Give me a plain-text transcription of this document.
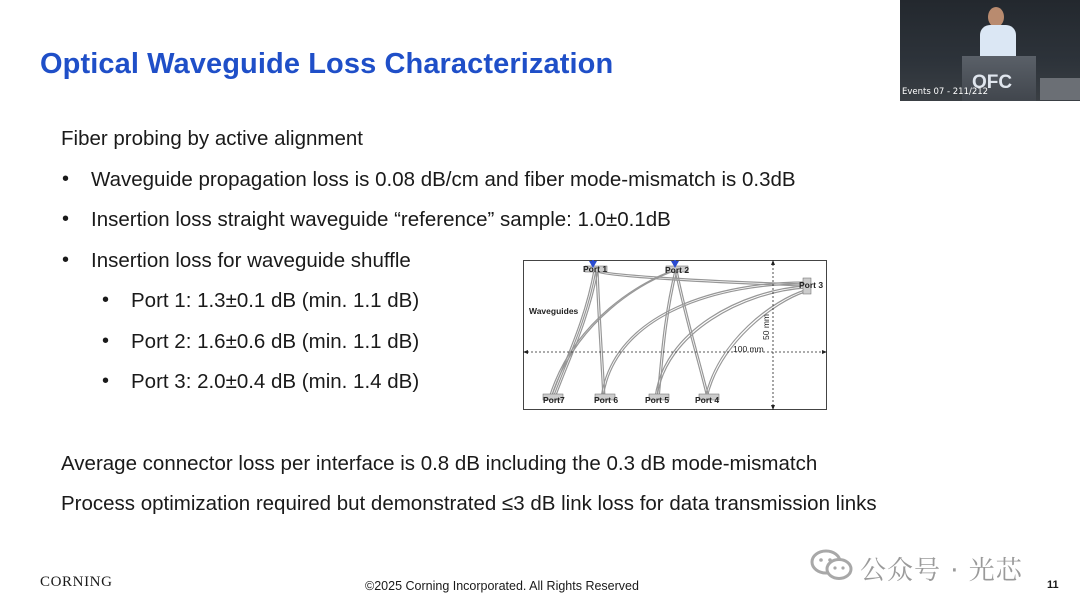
Optical Waveguide Loss Characterization
OFC
Events 07 - 211/212
Fiber probing by active alignment
• Waveguide propagation loss is 0.08 dB/cm and fiber mode-mismatch is 0.3dB
• Insertion loss straight waveguide “reference” sample: 1.0±0.1dB
• Insertion loss for waveguide shuffle
• Port 1: 1.3±0.1 dB (min. 1.1 dB)
• Port 2: 1.6±0.6 dB (min. 1.1 dB)
• Port 3: 2.0±0.4 dB (min. 1.4 dB)
Port 1	Port 2
Port 3
Waveguides
Port7	Port 6	Port 5	Port 4
100 mm
50 mm
Average connector loss per interface is 0.8 dB including the 0.3 dB mode-mismatch
Process optimization required but demonstrated ≤3 dB link loss for data transmission links
公众号 · 光芯
CORNING	©2025 Corning Incorporated. All Rights Reserved	11
